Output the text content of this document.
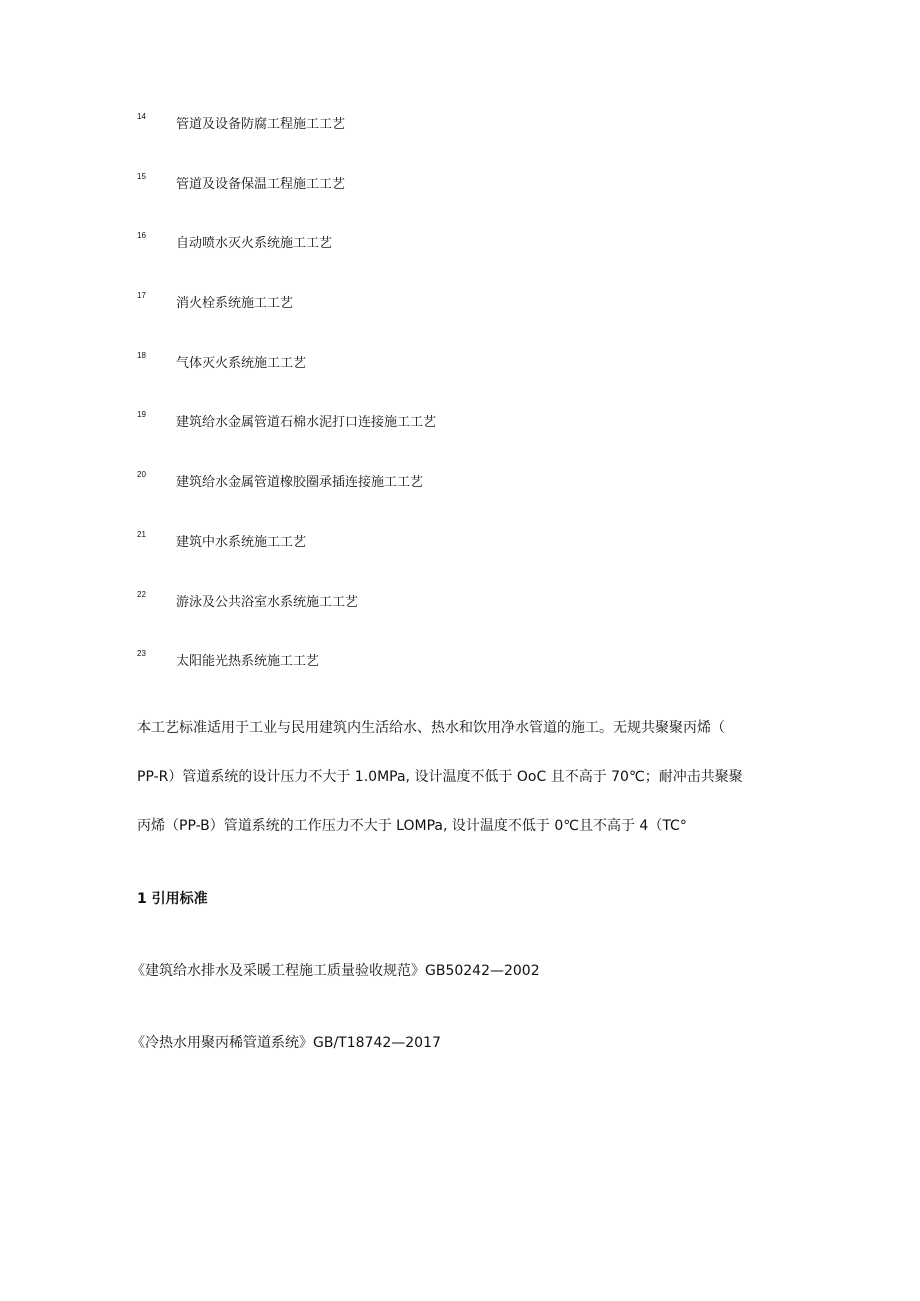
14
管道及设备防腐工程施工工艺
15
管道及设备保温工程施工工艺
16
自动喷水灭火系统施工工艺
17
消火栓系统施工工艺
18
气体灭火系统施工工艺
19
建筑给水金属管道石棉水泥打口连接施工工艺
20
建筑给水金属管道橡胶圈承插连接施工工艺
21
建筑中水系统施工工艺
22
游泳及公共浴室水系统施工工艺
23
太阳能光热系统施工工艺
本工艺标准适用于工业与民用建筑内生活给水、热水和饮用净水管道的施工。无规共聚聚丙烯（
PP-R）管道系统的设计压力不大于 1.0MPa, 设计温度不低于 OoC 且不高于 70℃；耐冲击共聚聚
丙烯（PP-B）管道系统的工作压力不大于 LOMPa, 设计温度不低于 0℃且不高于 4（TC°
1 引用标准
《建筑给水排水及采暖工程施工质量验收规范》GB50242—2002
《冷热水用聚丙稀管道系统》GB/T18742—2017
